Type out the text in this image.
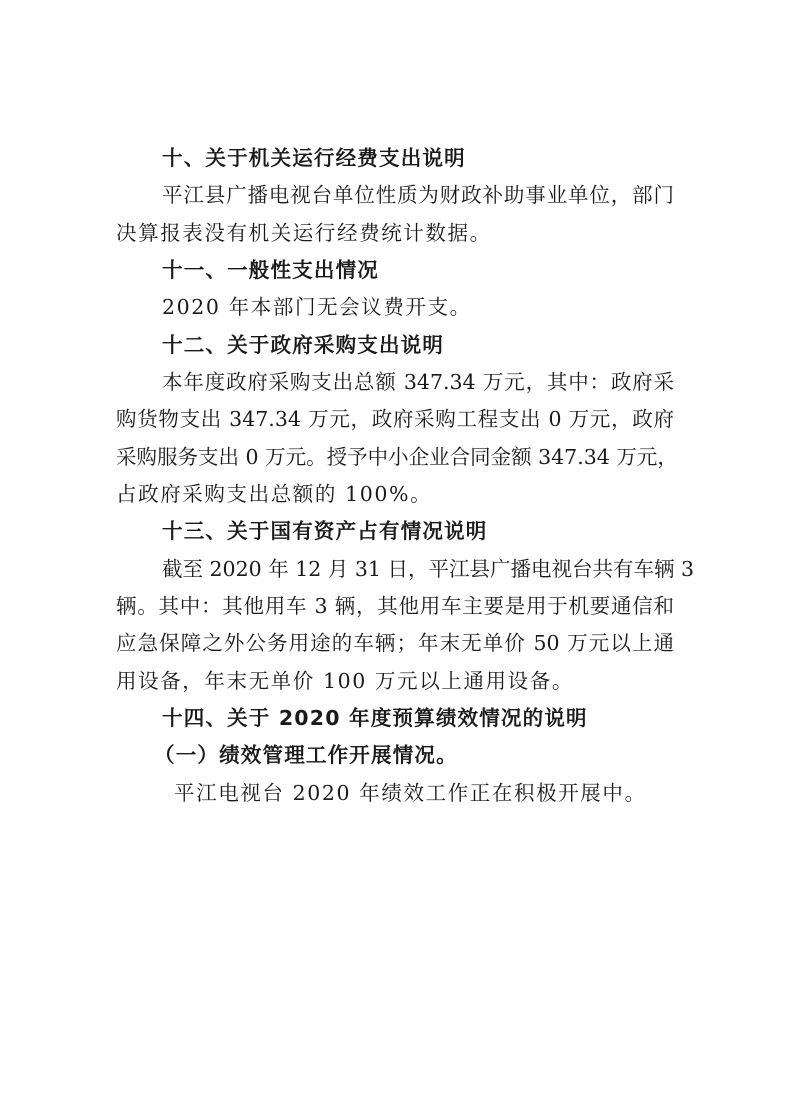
十、关于机关运行经费支出说明
平江县广播电视台单位性质为财政补助事业单位，部门
决算报表没有机关运行经费统计数据。
十一、一般性支出情况
2020 年本部门无会议费开支。
十二、关于政府采购支出说明
本年度政府采购支出总额 347.34 万元，其中：政府采
购货物支出 347.34 万元，政府采购工程支出 0 万元，政府
采购服务支出 0 万元。授予中小企业合同金额 347.34 万元，
占政府采购支出总额的 100%。
十三、关于国有资产占有情况说明
截至 2020 年 12 月 31 日，平江县广播电视台共有车辆 3
辆。其中：其他用车 3 辆，其他用车主要是用于机要通信和
应急保障之外公务用途的车辆；年末无单价 50 万元以上通
用设备，年末无单价 100 万元以上通用设备。
十四、关于 2020 年度预算绩效情况的说明
（一）绩效管理工作开展情况。
平江电视台 2020 年绩效工作正在积极开展中。
